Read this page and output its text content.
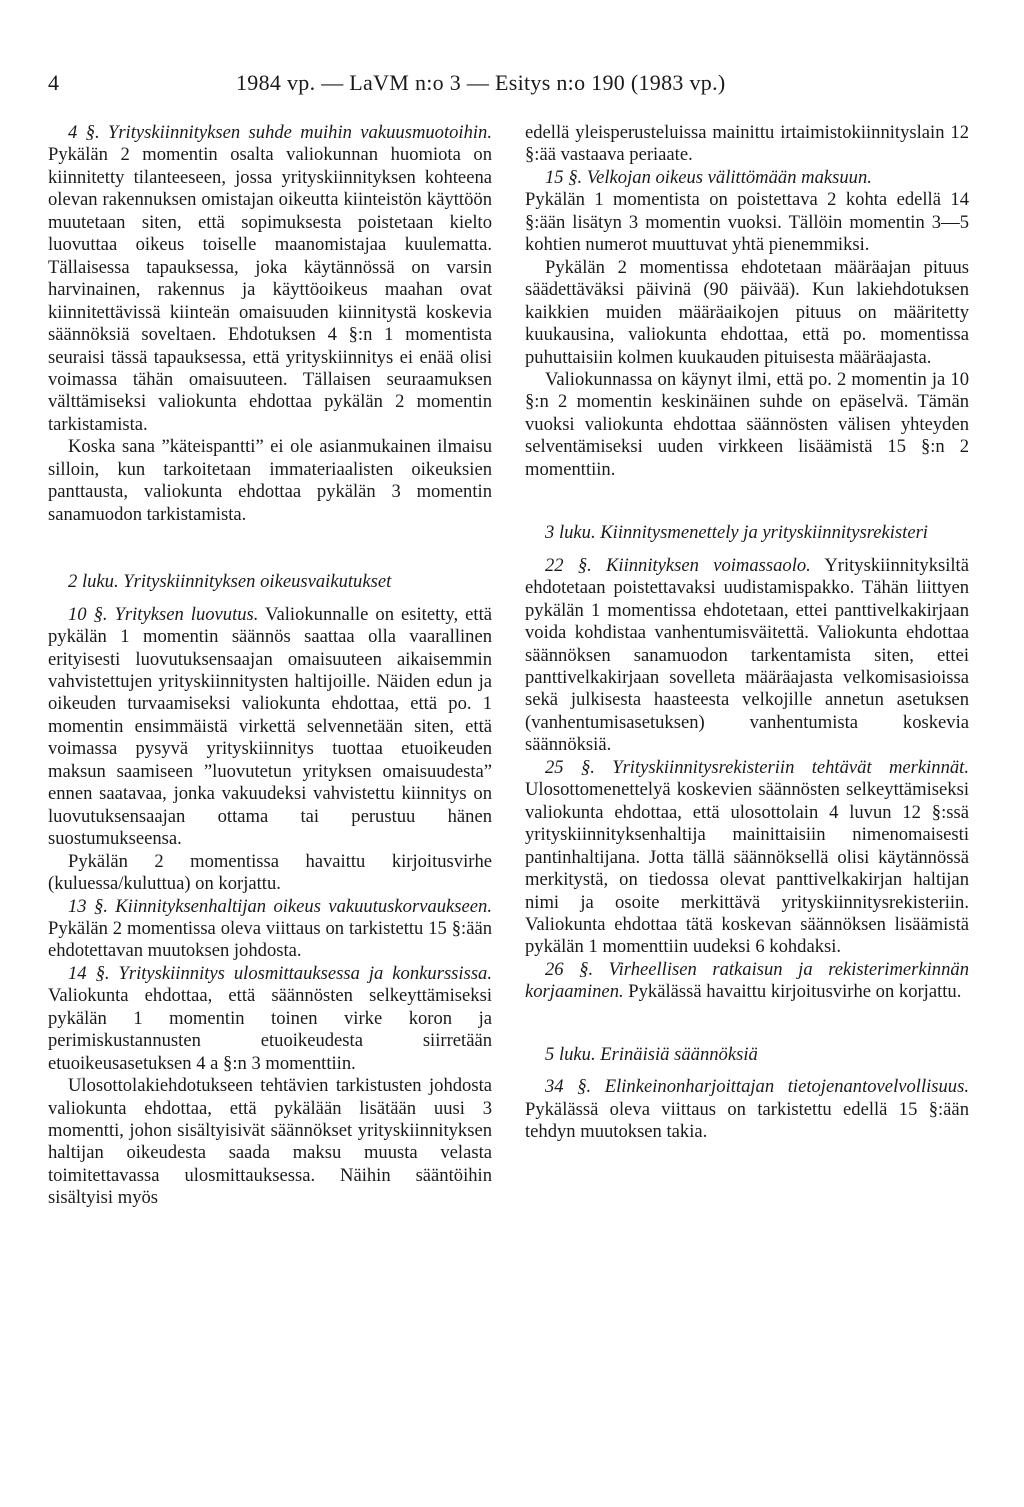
4	1984 vp. — LaVM n:o 3 — Esitys n:o 190 (1983 vp.)

4 §. Yrityskiinnityksen suhde muihin vakuusmuotoihin. Pykälän 2 momentin osalta valiokunnan huomiota on kiinnitetty tilanteeseen, jossa yrityskiinnityksen kohteena olevan rakennuksen omistajan oikeutta kiinteistön käyttöön muutetaan siten, että sopimuksesta poistetaan kielto luovuttaa oikeus toiselle maanomistajaa kuulematta. Tällaisessa tapauksessa, joka käytännössä on varsin harvinainen, rakennus ja käyttöoikeus maahan ovat kiinnitettävissä kiinteän omaisuuden kiinnitystä koskevia säännöksiä soveltaen. Ehdotuksen 4 §:n 1 momentista seuraisi tässä tapauksessa, että yrityskiinnitys ei enää olisi voimassa tähän omaisuuteen. Tällaisen seuraamuksen välttämiseksi valiokunta ehdottaa pykälän 2 momentin tarkistamista.

Koska sana ”käteispantti” ei ole asianmukainen ilmaisu silloin, kun tarkoitetaan immateriaalisten oikeuksien panttausta, valiokunta ehdottaa pykälän 3 momentin sanamuodon tarkistamista.

2 luku. Yrityskiinnityksen oikeusvaikutukset

10 §. Yrityksen luovutus. Valiokunnalle on esitetty, että pykälän 1 momentin säännös saattaa olla vaarallinen erityisesti luovutuksensaajan omaisuuteen aikaisemmin vahvistettujen yrityskiinnitysten haltijoille. Näiden edun ja oikeuden turvaamiseksi valiokunta ehdottaa, että po. 1 momentin ensimmäistä virkettä selvennetään siten, että voimassa pysyvä yrityskiinnitys tuottaa etuoikeuden maksun saamiseen ”luovutetun yrityksen omaisuudesta” ennen saatavaa, jonka vakuudeksi vahvistettu kiinnitys on luovutuksensaajan ottama tai perustuu hänen suostumukseensa.

Pykälän 2 momentissa havaittu kirjoitusvirhe (kuluessa/kuluttua) on korjattu.

13 §. Kiinnityksenhaltijan oikeus vakuutuskorvaukseen. Pykälän 2 momentissa oleva viittaus on tarkistettu 15 §:ään ehdotettavan muutoksen johdosta.

14 §. Yrityskiinnitys ulosmittauksessa ja konkurssissa. Valiokunta ehdottaa, että säännösten selkeyttämiseksi pykälän 1 momentin toinen virke koron ja perimiskustannusten etuoikeudesta siirretään etuoikeusasetuksen 4 a §:n 3 momenttiin.

Ulosottolakiehdotukseen tehtävien tarkistusten johdosta valiokunta ehdottaa, että pykälään lisätään uusi 3 momentti, johon sisältyisivät säännökset yrityskiinnityksen haltijan oikeudesta saada maksu muusta velasta toimitettavassa ulosmittauksessa. Näihin sääntöihin sisältyisi myös

edellä yleisperusteluissa mainittu irtaimistokiinnityslain 12 §:ää vastaava periaate.

15 §. Velkojan oikeus välittömään maksuun.

Pykälän 1 momentista on poistettava 2 kohta edellä 14 §:ään lisätyn 3 momentin vuoksi. Tällöin momentin 3—5 kohtien numerot muuttuvat yhtä pienemmiksi.

Pykälän 2 momentissa ehdotetaan määräajan pituus säädettäväksi päivinä (90 päivää). Kun lakiehdotuksen kaikkien muiden määräaikojen pituus on määritetty kuukausina, valiokunta ehdottaa, että po. momentissa puhuttaisiin kolmen kuukauden pituisesta määräajasta.

Valiokunnassa on käynyt ilmi, että po. 2 momentin ja 10 §:n 2 momentin keskinäinen suhde on epäselvä. Tämän vuoksi valiokunta ehdottaa säännösten välisen yhteyden selventämiseksi uuden virkkeen lisäämistä 15 §:n 2 momenttiin.

3 luku. Kiinnitysmenettely ja yrityskiinnitysrekisteri

22 §. Kiinnityksen voimassaolo. Yrityskiinnityksiltä ehdotetaan poistettavaksi uudistamispakko. Tähän liittyen pykälän 1 momentissa ehdotetaan, ettei panttivelkakirjaan voida kohdistaa vanhentumisväitettä. Valiokunta ehdottaa säännöksen sanamuodon tarkentamista siten, ettei panttivelkakirjaan sovelleta määräajasta velkomisasioissa sekä julkisesta haasteesta velkojille annetun asetuksen (vanhentumisasetuksen) vanhentumista koskevia säännöksiä.

25 §. Yrityskiinnitysrekisteriin tehtävät merkinnät. Ulosottomenettelyä koskevien säännösten selkeyttämiseksi valiokunta ehdottaa, että ulosottolain 4 luvun 12 §:ssä yrityskiinnityksenhaltija mainittaisiin nimenomaisesti pantinhaltijana. Jotta tällä säännöksellä olisi käytännössä merkitystä, on tiedossa olevat panttivelkakirjan haltijan nimi ja osoite merkittävä yrityskiinnitysrekisteriin. Valiokunta ehdottaa tätä koskevan säännöksen lisäämistä pykälän 1 momenttiin uudeksi 6 kohdaksi.

26 §. Virheellisen ratkaisun ja rekisterimerkinnän korjaaminen. Pykälässä havaittu kirjoitusvirhe on korjattu.

5 luku. Erinäisiä säännöksiä

34 §. Elinkeinonharjoittajan tietojenantovelvollisuus. Pykälässä oleva viittaus on tarkistettu edellä 15 §:ään tehdyn muutoksen takia.
